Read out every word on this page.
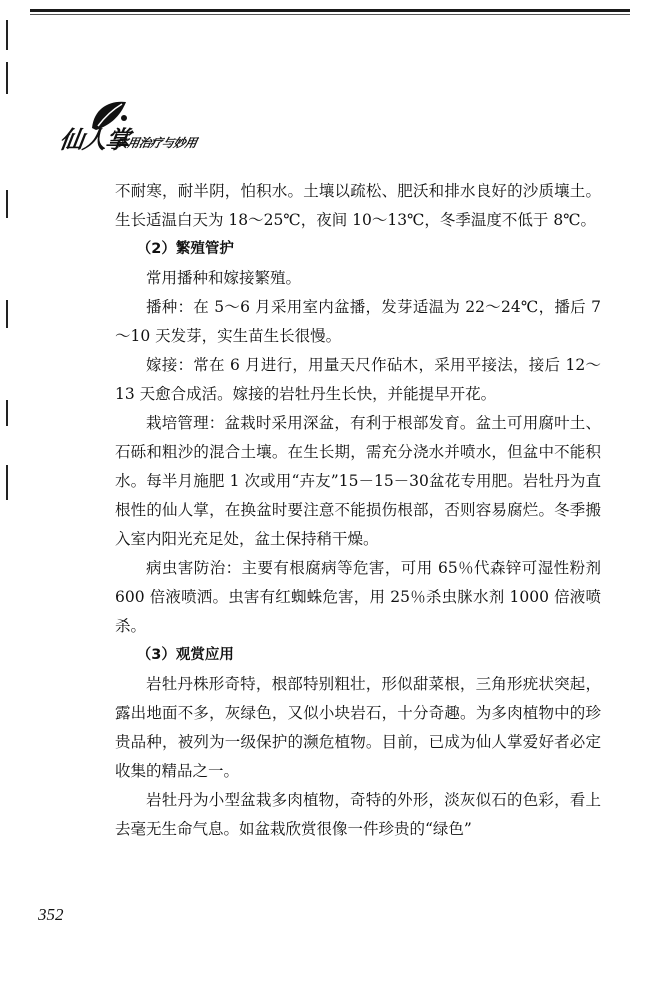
仙人掌
实用治疗与妙用

不耐寒，耐半阴，怕积水。土壤以疏松、肥沃和排水良好的沙质壤土。生长适温白天为 18～25℃，夜间 10～13℃，冬季温度不低于 8℃。

（2）繁殖管护

常用播种和嫁接繁殖。

播种：在 5～6 月采用室内盆播，发芽适温为 22～24℃，播后 7～10 天发芽，实生苗生长很慢。

嫁接：常在 6 月进行，用量天尺作砧木，采用平接法，接后 12～13 天愈合成活。嫁接的岩牡丹生长快，并能提早开花。

栽培管理：盆栽时采用深盆，有利于根部发育。盆土可用腐叶土、石砾和粗沙的混合土壤。在生长期，需充分浇水并喷水，但盆中不能积水。每半月施肥 1 次或用“卉友”15－15－30盆花专用肥。岩牡丹为直根性的仙人掌，在换盆时要注意不能损伤根部，否则容易腐烂。冬季搬入室内阳光充足处，盆土保持稍干燥。

病虫害防治：主要有根腐病等危害，可用 65％代森锌可湿性粉剂 600 倍液喷洒。虫害有红蜘蛛危害，用 25％杀虫脒水剂 1000 倍液喷杀。

（3）观赏应用

岩牡丹株形奇特，根部特别粗壮，形似甜菜根，三角形疣状突起，露出地面不多，灰绿色，又似小块岩石，十分奇趣。为多肉植物中的珍贵品种，被列为一级保护的濒危植物。目前，已成为仙人掌爱好者必定收集的精品之一。

岩牡丹为小型盆栽多肉植物，奇特的外形，淡灰似石的色彩，看上去毫无生命气息。如盆栽欣赏很像一件珍贵的“绿色”

352
